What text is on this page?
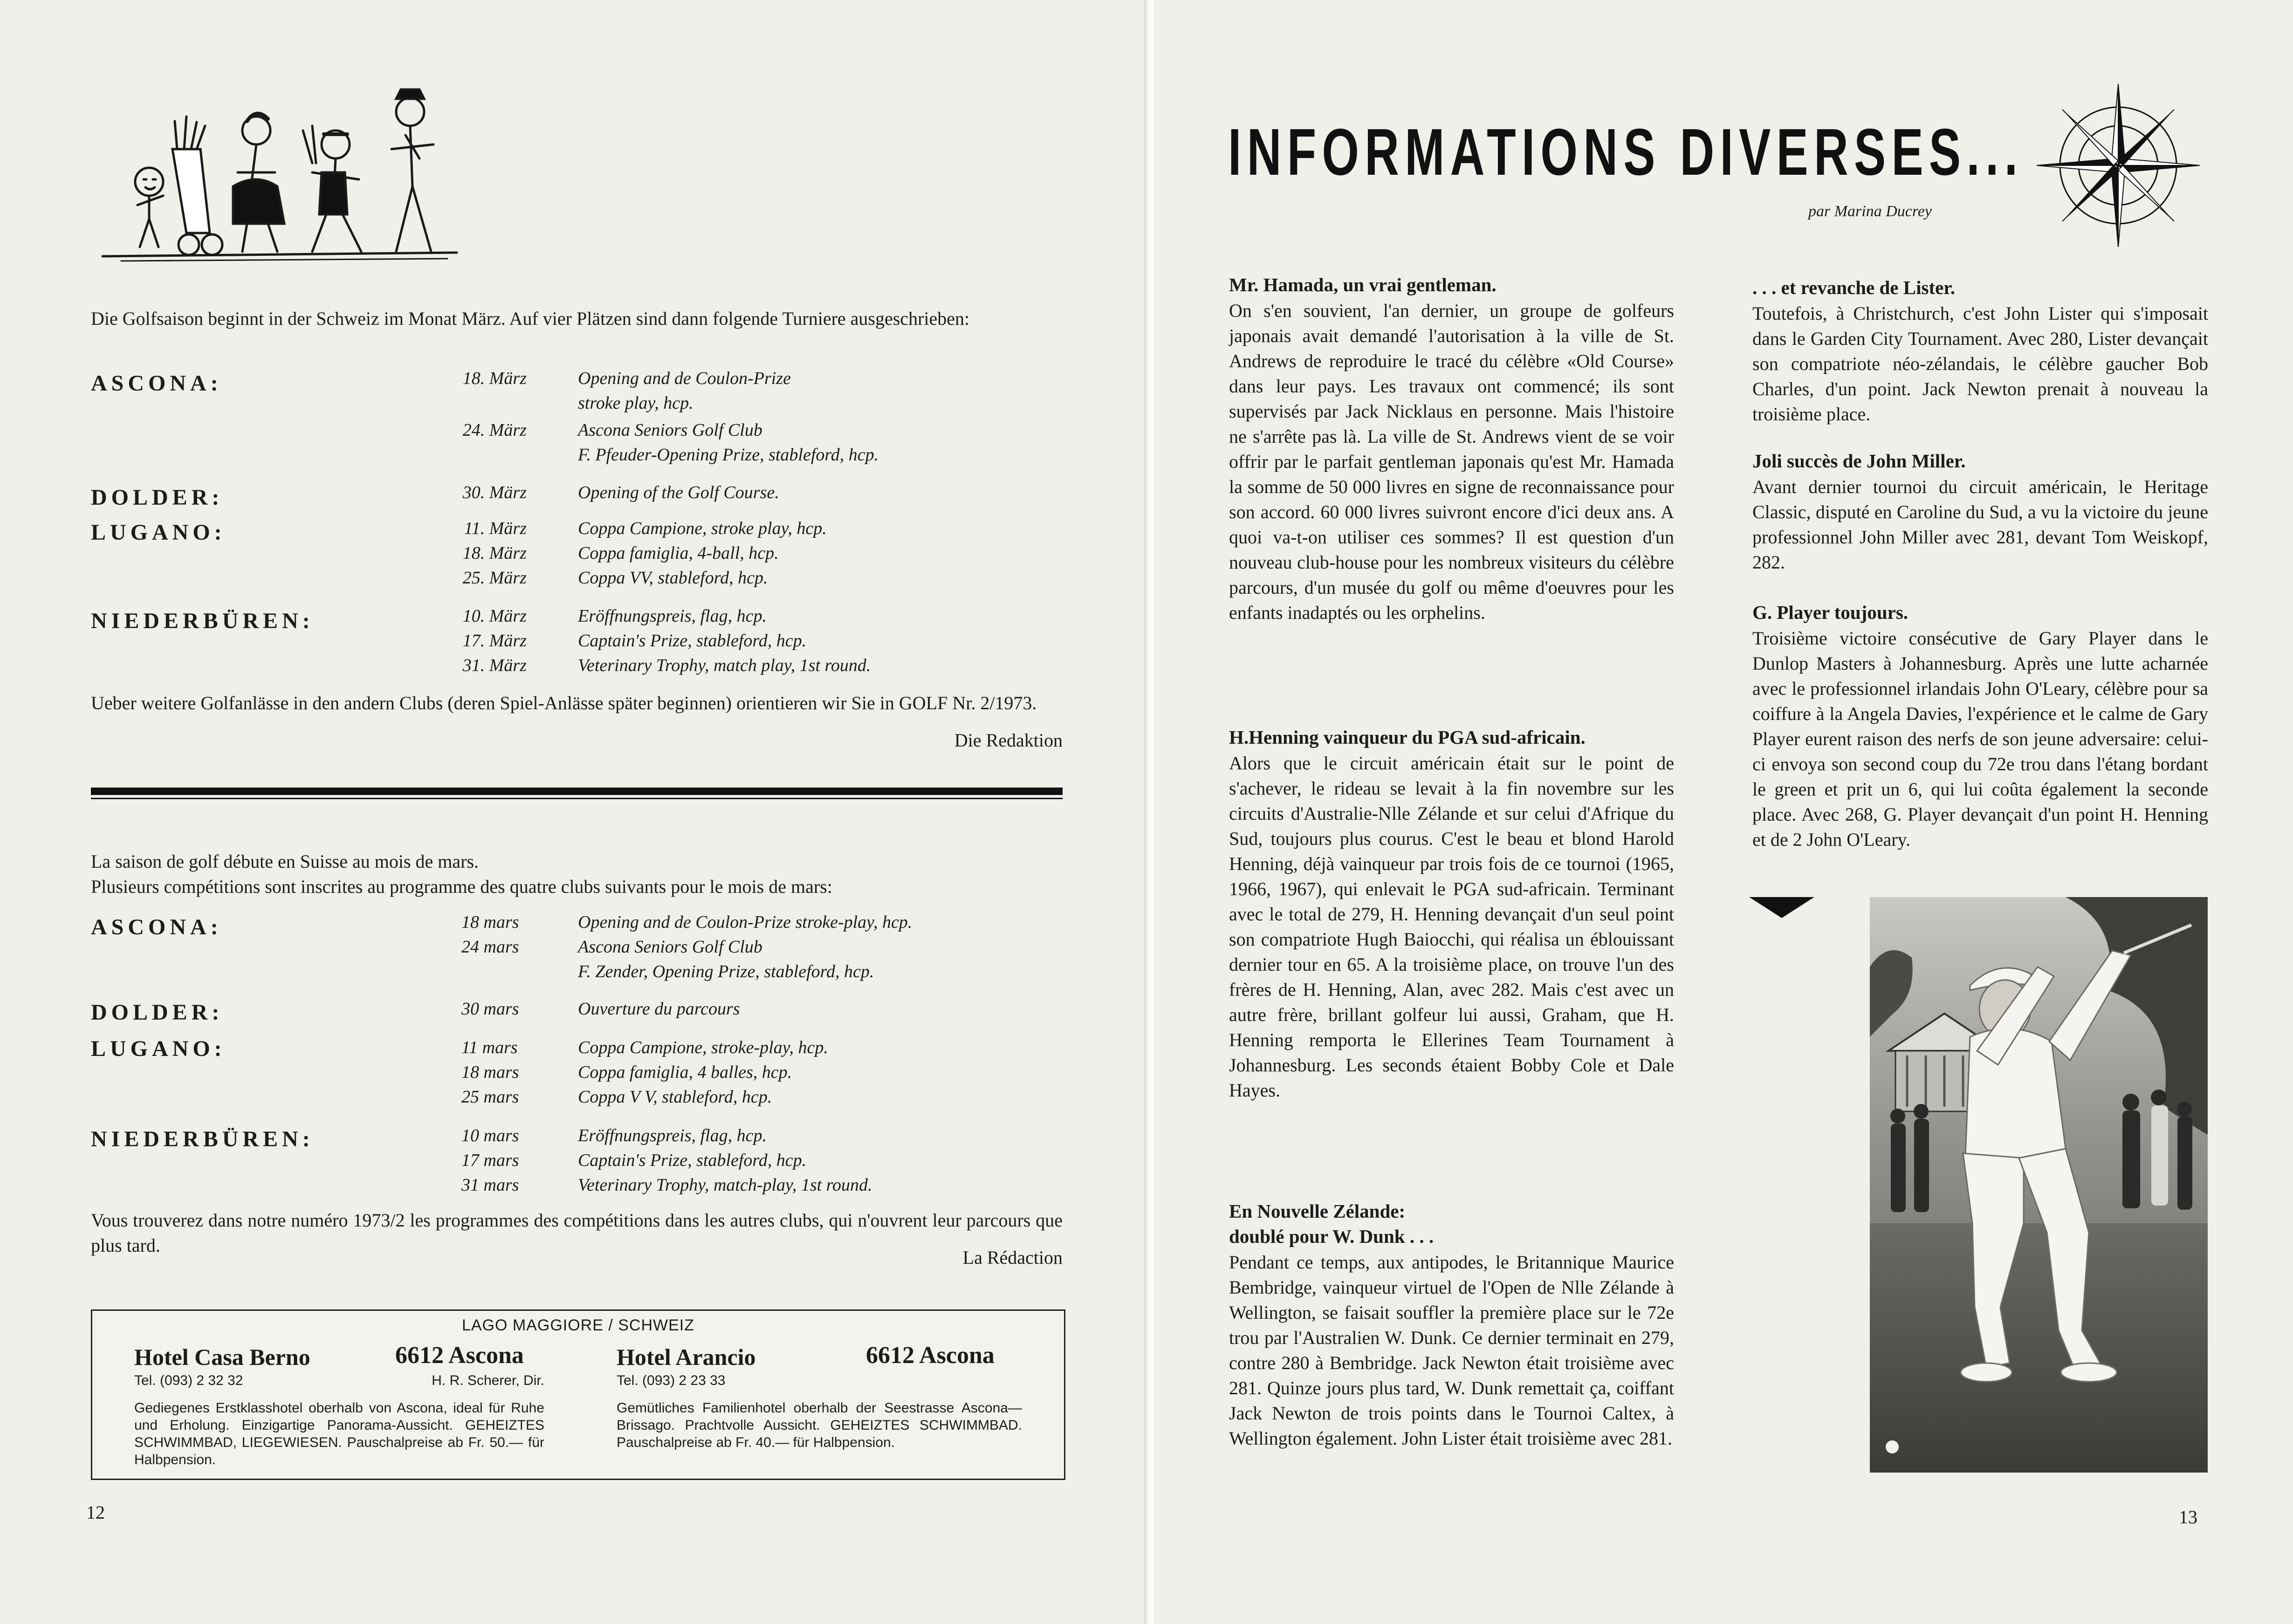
Die Golfsaison beginnt in der Schweiz im Monat März. Auf vier Plätzen sind dann folgende Turniere ausgeschrieben:
ASCONA:	18. März	Opening and de Coulon-Prize
stroke play, hcp.
24. März	Ascona Seniors Golf Club
F. Pfeuder-Opening Prize, stableford, hcp.
DOLDER:	30. März	Opening of the Golf Course.
LUGANO:	11. März	Coppa Campione, stroke play, hcp.
18. März	Coppa famiglia, 4-ball, hcp.
25. März	Coppa VV, stableford, hcp.
NIEDERBÜREN:	10. März	Eröffnungspreis, flag, hcp.
17. März	Captain's Prize, stableford, hcp.
31. März	Veterinary Trophy, match play, 1st round.
Ueber weitere Golfanlässe in den andern Clubs (deren Spiel-Anlässe später beginnen) orientieren wir Sie in GOLF Nr. 2/1973.
Die Redaktion
La saison de golf débute en Suisse au mois de mars.
Plusieurs compétitions sont inscrites au programme des quatre clubs suivants pour le mois de mars:
ASCONA:	18 mars	Opening and de Coulon-Prize stroke-play, hcp.
24 mars	Ascona Seniors Golf Club
F. Zender, Opening Prize, stableford, hcp.
DOLDER:	30 mars	Ouverture du parcours
LUGANO:	11 mars	Coppa Campione, stroke-play, hcp.
18 mars	Coppa famiglia, 4 balles, hcp.
25 mars	Coppa V V, stableford, hcp.
NIEDERBÜREN:	10 mars	Eröffnungspreis, flag, hcp.
17 mars	Captain's Prize, stableford, hcp.
31 mars	Veterinary Trophy, match-play, 1st round.
Vous trouverez dans notre numéro 1973/2 les programmes des compétitions dans les autres clubs, qui n'ouvrent leur parcours que plus tard.
La Rédaction
LAGO MAGGIORE / SCHWEIZ
Hotel Casa Berno	6612 Ascona
Tel. (093) 2 32 32	H. R. Scherer, Dir.
Gediegenes Erstklasshotel oberhalb von Ascona, ideal für Ruhe und Erholung. Einzigartige Panorama-Aussicht. GEHEIZTES SCHWIMMBAD, LIEGEWIESEN. Pauschalpreise ab Fr. 50.— für Halbpension.
Hotel Arancio	6612 Ascona
Tel. (093) 2 23 33
Gemütliches Familienhotel oberhalb der Seestrasse Ascona—Brissago. Prachtvolle Aussicht. GEHEIZTES SCHWIMMBAD. Pauschalpreise ab Fr. 40.— für Halbpension.
12
INFORMATIONS DIVERSES...
par Marina Ducrey
Mr. Hamada, un vrai gentleman.
On s'en souvient, l'an dernier, un groupe de golfeurs japonais avait demandé l'autorisation à la ville de St. Andrews de reproduire le tracé du célèbre «Old Course» dans leur pays. Les travaux ont commencé; ils sont supervisés par Jack Nicklaus en personne. Mais l'histoire ne s'arrête pas là. La ville de St. Andrews vient de se voir offrir par le parfait gentleman japonais qu'est Mr. Hamada la somme de 50 000 livres en signe de reconnaissance pour son accord. 60 000 livres suivront encore d'ici deux ans. A quoi va-t-on utiliser ces sommes? Il est question d'un nouveau club-house pour les nombreux visiteurs du célèbre parcours, d'un musée du golf ou même d'oeuvres pour les enfants inadaptés ou les orphelins.
H.Henning vainqueur du PGA sud-africain.
Alors que le circuit américain était sur le point de s'achever, le rideau se levait à la fin novembre sur les circuits d'Australie-Nlle Zélande et sur celui d'Afrique du Sud, toujours plus courus. C'est le beau et blond Harold Henning, déjà vainqueur par trois fois de ce tournoi (1965, 1966, 1967), qui enlevait le PGA sud-africain. Terminant avec le total de 279, H. Henning devançait d'un seul point son compatriote Hugh Baiocchi, qui réalisa un éblouissant dernier tour en 65. A la troisième place, on trouve l'un des frères de H. Henning, Alan, avec 282. Mais c'est avec un autre frère, brillant golfeur lui aussi, Graham, que H. Henning remporta le Ellerines Team Tournament à Johannesburg. Les seconds étaient Bobby Cole et Dale Hayes.
En Nouvelle Zélande:
doublé pour W. Dunk . . .
Pendant ce temps, aux antipodes, le Britannique Maurice Bembridge, vainqueur virtuel de l'Open de Nlle Zélande à Wellington, se faisait souffler la première place sur le 72e trou par l'Australien W. Dunk. Ce dernier terminait en 279, contre 280 à Bembridge. Jack Newton était troisième avec 281. Quinze jours plus tard, W. Dunk remettait ça, coiffant Jack Newton de trois points dans le Tournoi Caltex, à Wellington également. John Lister était troisième avec 281.
. . . et revanche de Lister.
Toutefois, à Christchurch, c'est John Lister qui s'imposait dans le Garden City Tournament. Avec 280, Lister devançait son compatriote néo-zélandais, le célèbre gaucher Bob Charles, d'un point. Jack Newton prenait à nouveau la troisième place.
Joli succès de John Miller.
Avant dernier tournoi du circuit américain, le Heritage Classic, disputé en Caroline du Sud, a vu la victoire du jeune professionnel John Miller avec 281, devant Tom Weiskopf, 282.
G. Player toujours.
Troisième victoire consécutive de Gary Player dans le Dunlop Masters à Johannesburg. Après une lutte acharnée avec le professionnel irlandais John O'Leary, célèbre pour sa coiffure à la Angela Davies, l'expérience et le calme de Gary Player eurent raison des nerfs de son jeune adversaire: celui-ci envoya son second coup du 72e trou dans l'étang bordant le green et prit un 6, qui lui coûta également la seconde place. Avec 268, G. Player devançait d'un point H. Henning et de 2 John O'Leary.
13
